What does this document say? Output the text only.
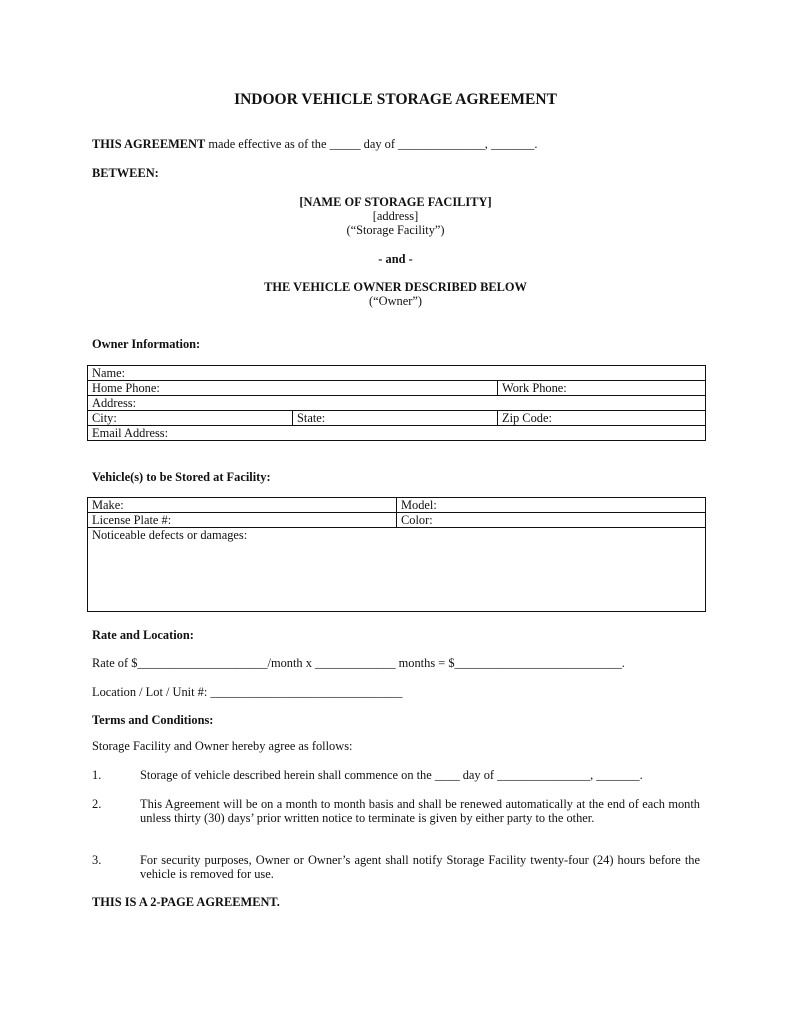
INDOOR VEHICLE STORAGE AGREEMENT
THIS AGREEMENT made effective as of the _____ day of ______________, _______.
BETWEEN:
[NAME OF STORAGE FACILITY]
[address]
(“Storage Facility”)
- and -
THE VEHICLE OWNER DESCRIBED BELOW
(“Owner”)
Owner Information:
Name:		
Home Phone:		Work Phone:
Address:		
City:	State:	Zip Code:
Email Address:		
Vehicle(s) to be Stored at Facility:
Make:	Model:
License Plate #:	Color:
Noticeable defects or damages:	
Rate and Location:
Rate of $_____________________/month x _____________ months = $___________________________.
Location / Lot / Unit #: _______________________________
Terms and Conditions:
Storage Facility and Owner hereby agree as follows:
1.	Storage of vehicle described herein shall commence on the ____ day of _______________, _______.
2.	This Agreement will be on a month to month basis and shall be renewed automatically at the end of each month unless thirty (30) days’ prior written notice to terminate is given by either party to the other.
3.	For security purposes, Owner or Owner’s agent shall notify Storage Facility twenty-four (24) hours before the vehicle is removed for use.
THIS IS A 2-PAGE AGREEMENT.
